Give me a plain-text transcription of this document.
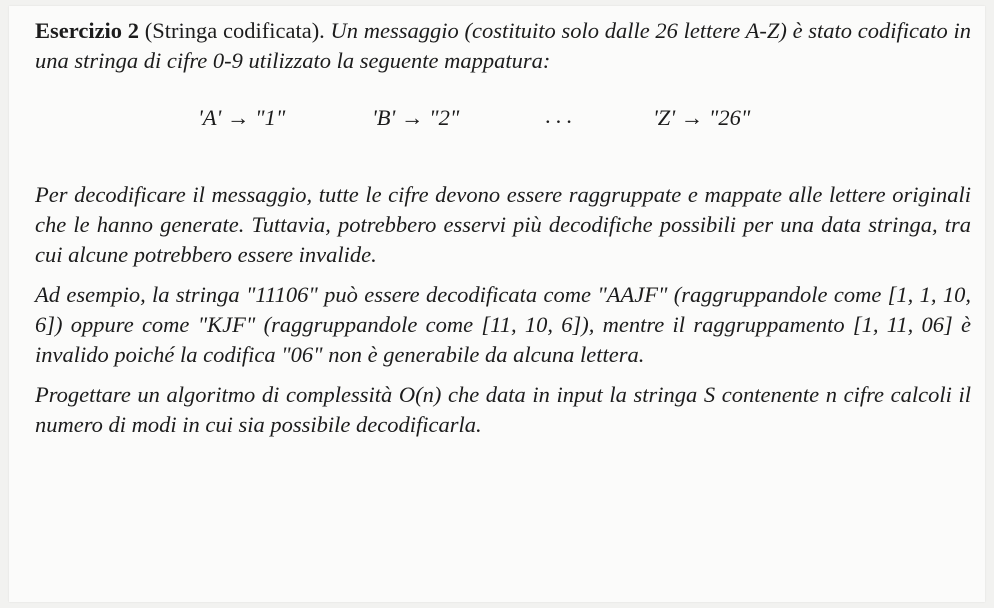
Esercizio 2 (Stringa codificata). Un messaggio (costituito solo dalle 26 lettere A-Z) è stato codificato in una stringa di cifre 0-9 utilizzato la seguente mappatura:

'A' → "1"	'B' → "2"	...	'Z' → "26"

Per decodificare il messaggio, tutte le cifre devono essere raggruppate e mappate alle lettere originali che le hanno generate. Tuttavia, potrebbero esservi più decodifiche possibili per una data stringa, tra cui alcune potrebbero essere invalide.

Ad esempio, la stringa "11106" può essere decodificata come "AAJF" (raggruppandole come [1, 1, 10, 6]) oppure come "KJF" (raggruppandole come [11, 10, 6]), mentre il raggruppamento [1, 11, 06] è invalido poiché la codifica "06" non è generabile da alcuna lettera.

Progettare un algoritmo di complessità O(n) che data in input la stringa S contenente n cifre calcoli il numero di modi in cui sia possibile decodificarla.
